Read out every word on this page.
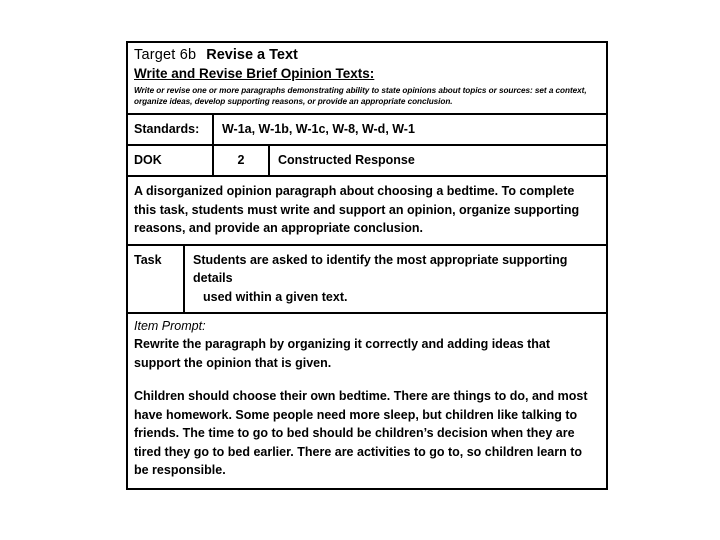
Target 6b Revise a Text
Write and Revise Brief Opinion Texts:
Write or revise one or more paragraphs demonstrating ability to state opinions about topics or sources: set a context, organize ideas, develop supporting reasons, or provide an appropriate conclusion.
Standards:	W-1a, W-1b, W-1c, W-8, W-d, W-1
DOK	2	Constructed Response
A disorganized opinion paragraph about choosing a bedtime. To complete this task, students must write and support an opinion, organize supporting reasons, and provide an appropriate conclusion.
Task	Students are asked to identify the most appropriate supporting details
used within a given text.
Item Prompt:
Rewrite the paragraph by organizing it correctly and adding ideas that support the opinion that is given.
Children should choose their own bedtime. There are things to do, and most have homework. Some people need more sleep, but children like talking to friends. The time to go to bed should be children’s decision when they are tired they go to bed earlier. There are activities to go to, so children learn to be responsible.
